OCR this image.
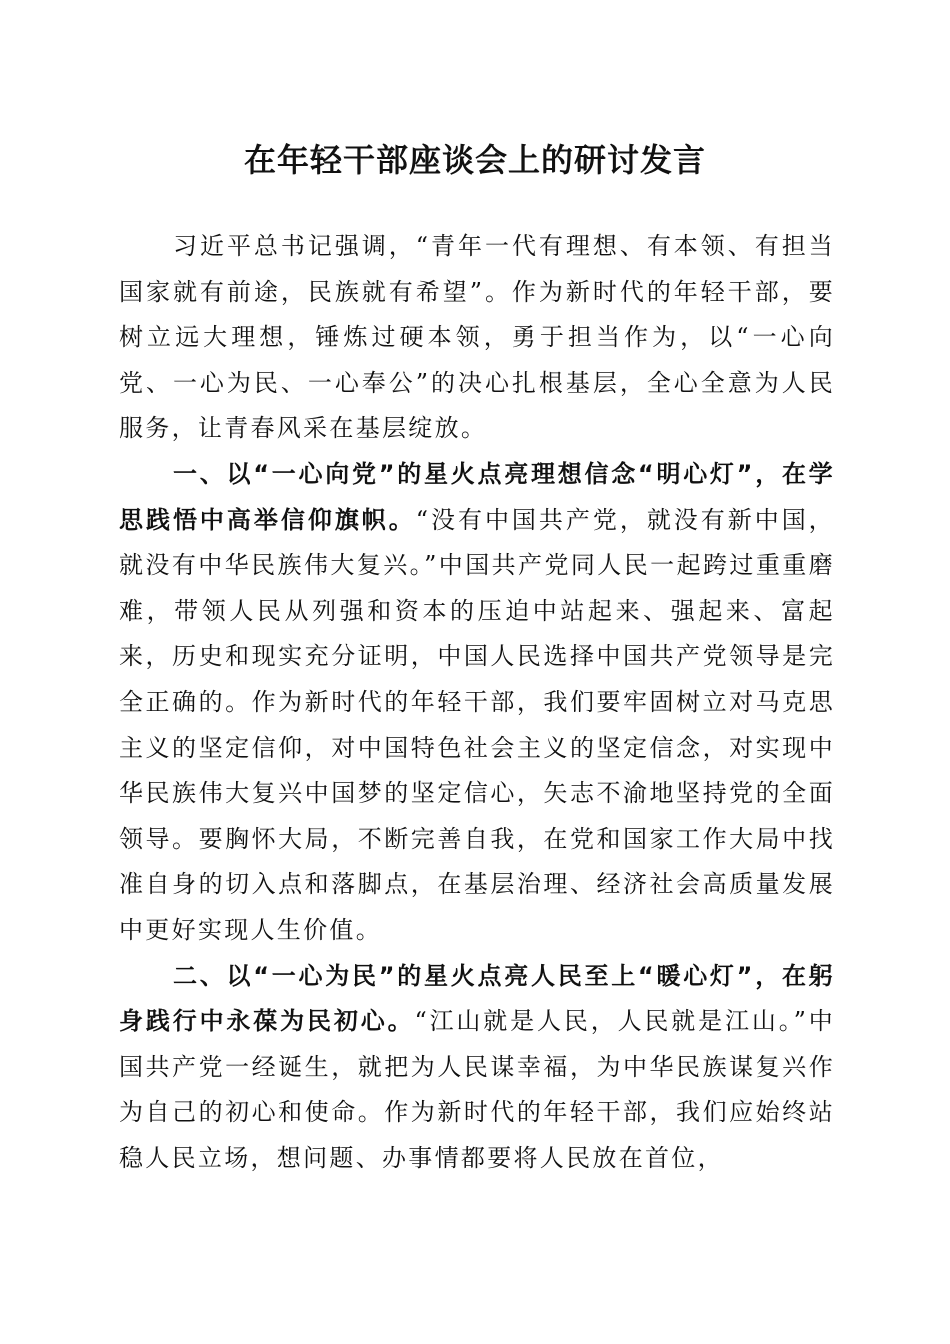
在年轻干部座谈会上的研讨发言

习近平总书记强调，“青年一代有理想、有本领、有担当国家就有前途，民族就有希望”。作为新时代的年轻干部，要树立远大理想，锤炼过硬本领，勇于担当作为，以“一心向党、一心为民、一心奉公”的决心扎根基层，全心全意为人民服务，让青春风采在基层绽放。

一、以“一心向党”的星火点亮理想信念“明心灯”，在学思践悟中高举信仰旗帜。“没有中国共产党，就没有新中国，就没有中华民族伟大复兴。”中国共产党同人民一起跨过重重磨难，带领人民从列强和资本的压迫中站起来、强起来、富起来，历史和现实充分证明，中国人民选择中国共产党领导是完全正确的。作为新时代的年轻干部，我们要牢固树立对马克思主义的坚定信仰，对中国特色社会主义的坚定信念，对实现中华民族伟大复兴中国梦的坚定信心，矢志不渝地坚持党的全面领导。要胸怀大局，不断完善自我，在党和国家工作大局中找准自身的切入点和落脚点，在基层治理、经济社会高质量发展中更好实现人生价值。

二、以“一心为民”的星火点亮人民至上“暖心灯”，在躬身践行中永葆为民初心。“江山就是人民，人民就是江山。”中国共产党一经诞生，就把为人民谋幸福，为中华民族谋复兴作为自己的初心和使命。作为新时代的年轻干部，我们应始终站稳人民立场，想问题、办事情都要将人民放在首位，
